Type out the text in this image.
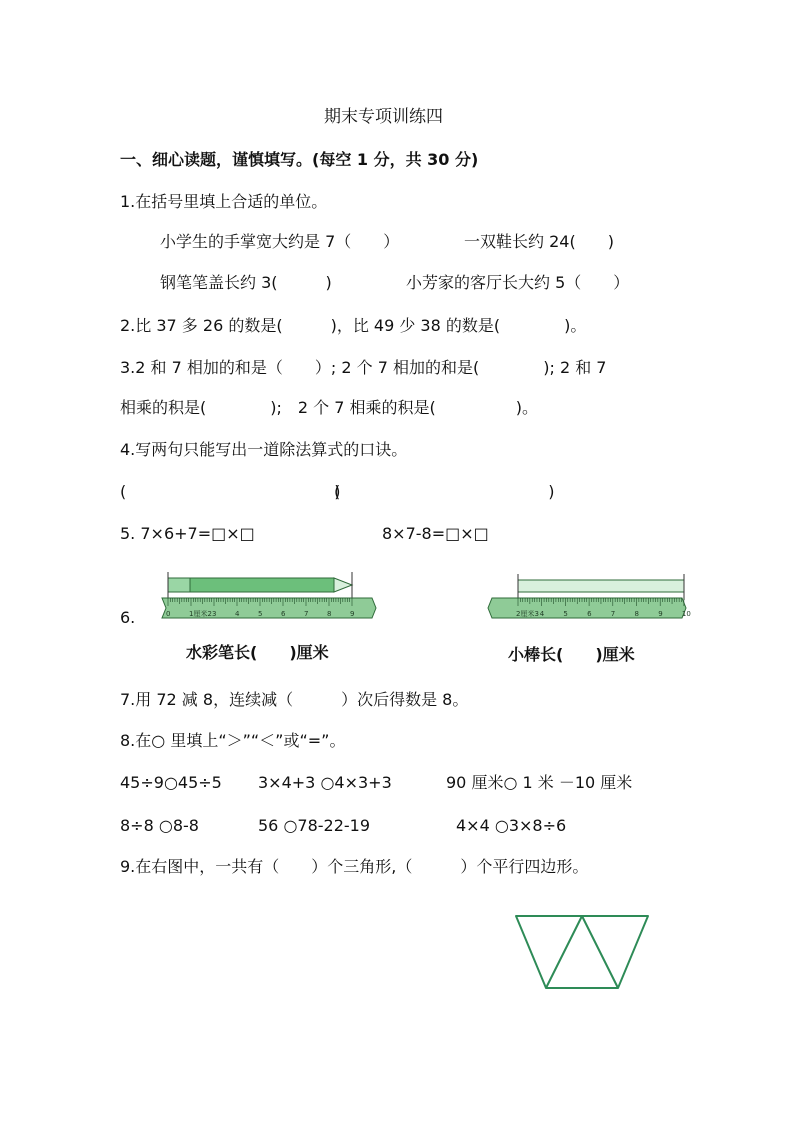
期末专项训练四
一、细心读题，谨慎填写。(每空 1 分，共 30 分)
1.在括号里填上合适的单位。
小学生的手掌宽大约是 7（　　）	一双鞋长约 24(　　)
钢笔笔盖长约 3(　　　)	小芳家的客厅长大约 5（　　）
2.比 37 多 26 的数是(　　　)，比 49 少 38 的数是(　　　　)。
3.2 和 7 相加的和是（　　）; 2 个 7 相加的和是(　　　　); 2 和 7
相乘的积是(　　　　);　2 个 7 相乘的积是(　　　　　)。
4.写两句只能写出一道除法算式的口诀。
(　　　　　　　　　　　　　)
(　　　　　　　　　　　　　)
5. 7×6+7=□×□	8×7-8=□×□
6.	0	1厘米2 3	4	5	6	7	8	9
水彩笔长(　　)厘米
2厘米3 4	5	6	7	8	9	10
小棒长(　　)厘米
7.用 72 减 8，连续减（　　　）次后得数是 8。
8.在○ 里填上“＞”“＜”或“=”。
45÷9○45÷5 3×4+3 ○4×3+3	90 厘米○ 1 米 －10 厘米
8÷8 ○8-8	56 ○78-22-19	4×4 ○3×8÷6
9.在右图中，一共有（　　）个三角形,（　　　）个平行四边形。
